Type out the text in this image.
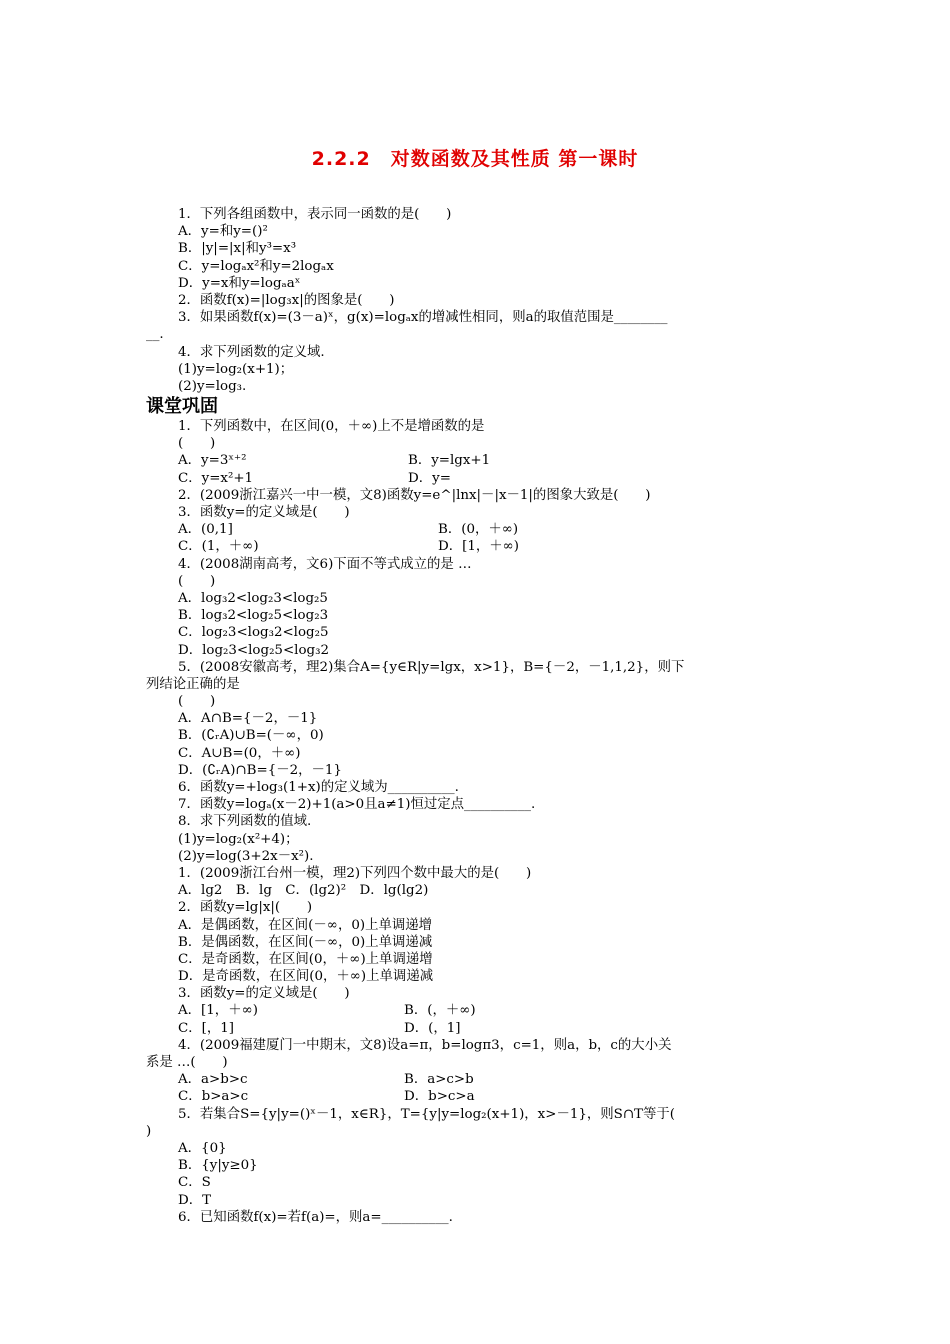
2.2.2　对数函数及其性质 第一课时
1．下列各组函数中，表示同一函数的是(　　)
A．y=和y=()²
B．|y|=|x|和y³=x³
C．y=logₐx²和y=2logₐx
D．y=x和y=logₐaˣ
2．函数f(x)=|log₃x|的图象是(　　)
3．如果函数f(x)=(3－a)ˣ，g(x)=logₐx的增减性相同，则a的取值范围是________
__.
4．求下列函数的定义域.
(1)y=log₂(x+1)；
(2)y=log₃.
课堂巩固
1．下列函数中，在区间(0，＋∞)上不是增函数的是
(　　)
A．y=3ˣ⁺²	B．y=lgx+1
C．y=x²+1	D．y=
2．(2009浙江嘉兴一中一模，文8)函数y=e^|lnx|－|x－1|的图象大致是(　　)
3．函数y=的定义域是(　　)
A．(0,1]	B．(0，＋∞)
C．(1，＋∞)	D．[1，＋∞)
4．(2008湖南高考，文6)下面不等式成立的是 …
(　　)
A．log₃2<log₂3<log₂5
B．log₃2<log₂5<log₂3
C．log₂3<log₃2<log₂5
D．log₂3<log₂5<log₃2
5．(2008安徽高考，理2)集合A={y∈R|y=lgx，x>1}，B={－2，－1,1,2}，则下
列结论正确的是
(　　)
A．A∩B={－2，－1}
B．(∁ᵣA)∪B=(－∞，0)
C．A∪B=(0，＋∞)
D．(∁ᵣA)∩B={－2，－1}
6．函数y=+log₃(1+x)的定义域为__________.
7．函数y=logₐ(x－2)+1(a>0且a≠1)恒过定点__________.
8．求下列函数的值域.
(1)y=log₂(x²+4)；
(2)y=log(3+2x－x²).
1．(2009浙江台州一模，理2)下列四个数中最大的是(　　)
A．lg2　B．lg　C．(lg2)²　D．lg(lg2)
2．函数y=lg|x|(　　)
A．是偶函数，在区间(－∞，0)上单调递增
B．是偶函数，在区间(－∞，0)上单调递减
C．是奇函数，在区间(0，＋∞)上单调递增
D．是奇函数，在区间(0，＋∞)上单调递减
3．函数y=的定义域是(　　)
A．[1，＋∞)	B．(，＋∞)
C．[，1]	D．(，1]
4．(2009福建厦门一中期末，文8)设a=π，b=logπ3，c=1，则a，b，c的大小关
系是 …(　　)
A．a>b>c	B．a>c>b
C．b>a>c	D．b>c>a
5．若集合S={y|y=()ˣ－1，x∈R}，T={y|y=log₂(x+1)，x>－1}，则S∩T等于(
)
A．{0}
B．{y|y≥0}
C．S
D．T
6．已知函数f(x)=若f(a)=，则a=__________.
